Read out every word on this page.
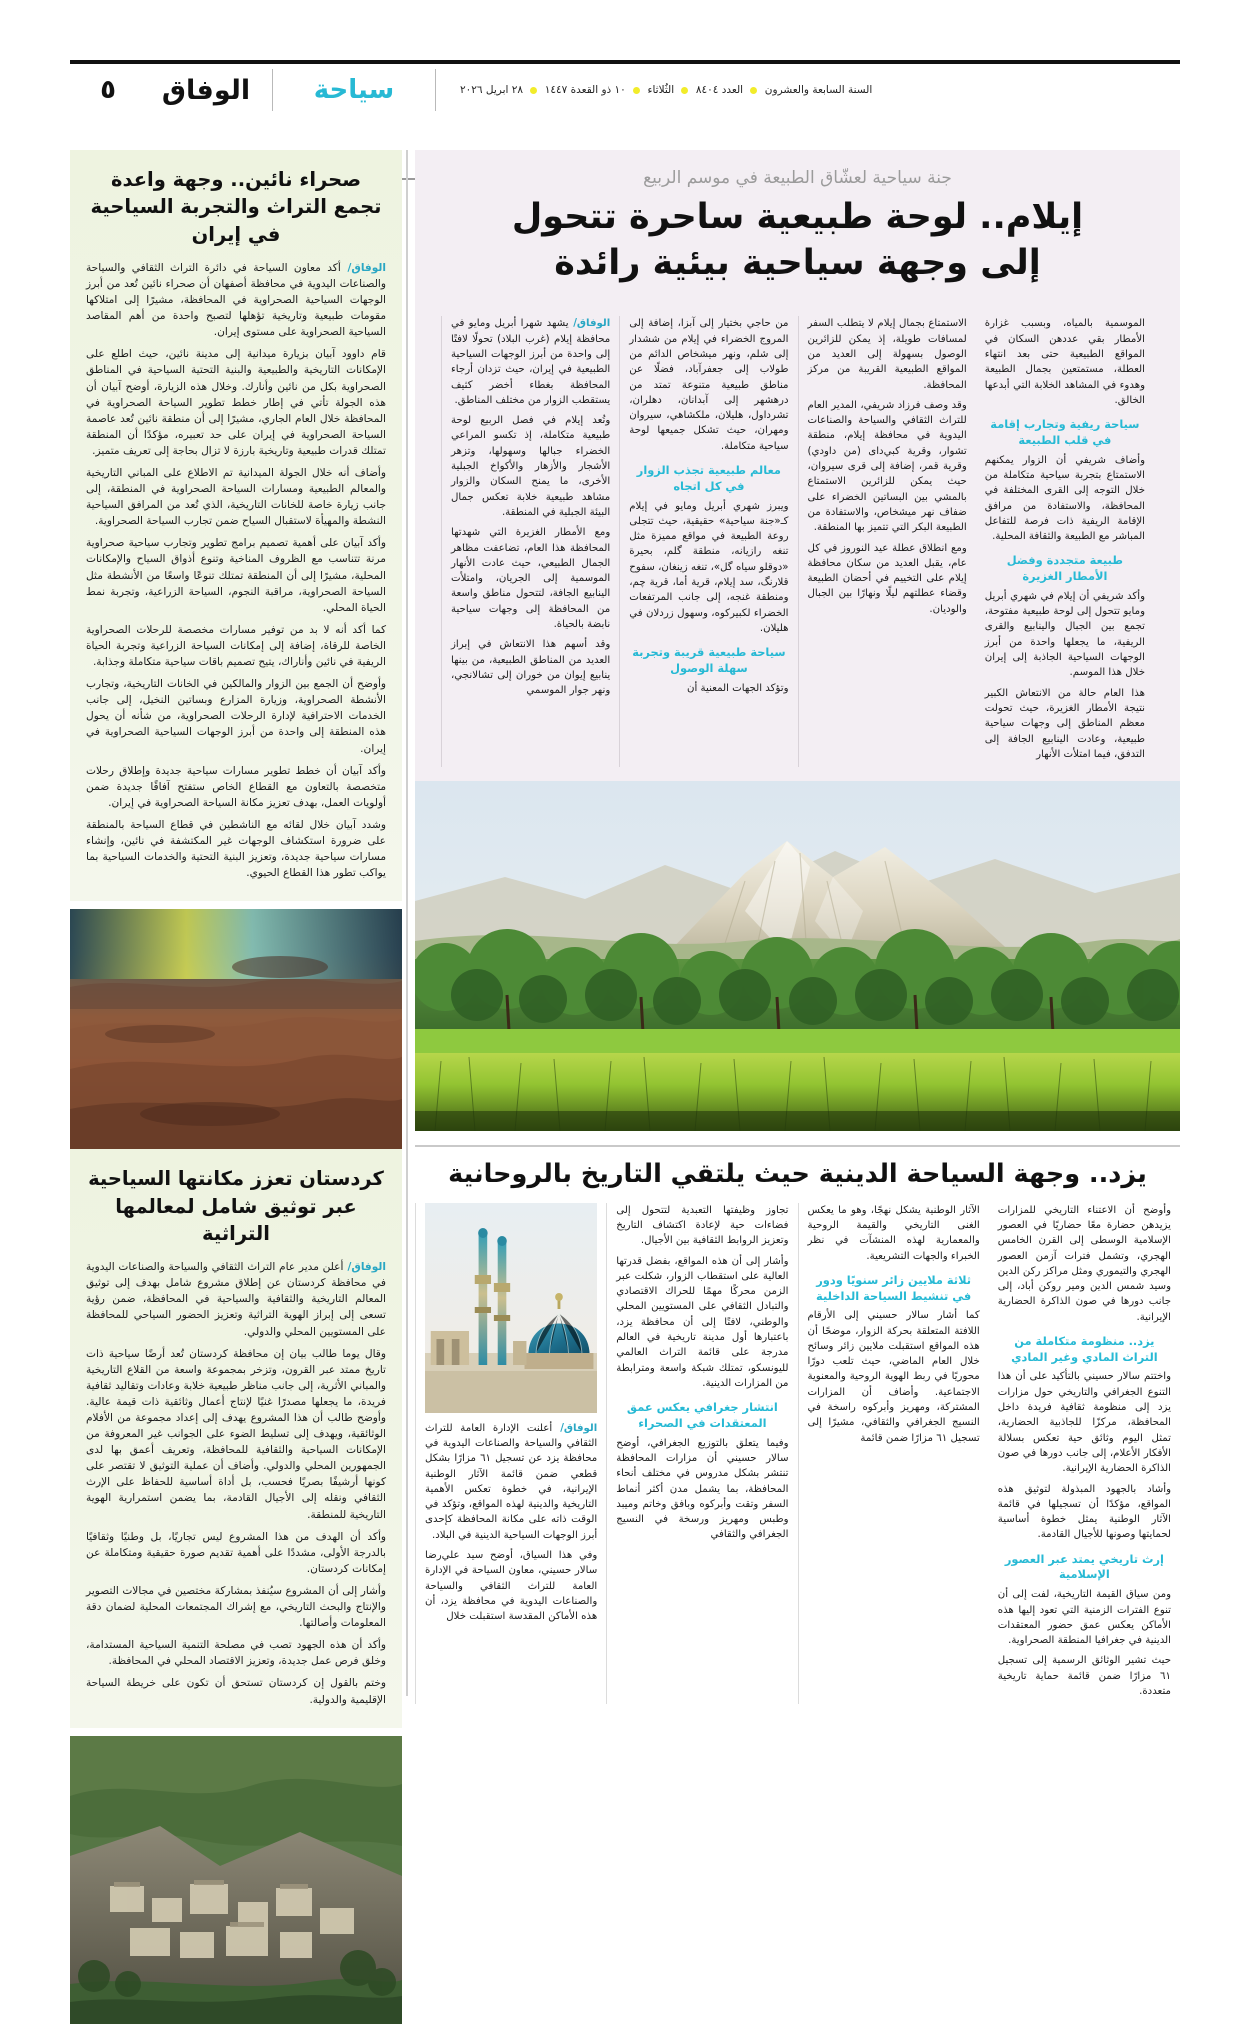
٥	الوفاق	سياحة	السنة السابعة والعشرون  العدد ٨٤٠٤  الثُلاثاء  ١٠ ذو القعدة ١٤٤٧  ٢٨ ابريل ٢٠٢٦
صحراء نائين.. وجهة واعدة تجمع التراث والتجربة السياحية في إيران

الوفاق/ أكد معاون السياحة في دائرة التراث الثقافي والسياحة والصناعات اليدوية في محافظة أصفهان أن صحراء نائين تُعد من أبرز الوجهات السياحية الصحراوية في المحافظة، مشيرًا إلى امتلاكها مقومات طبيعية وتاريخية تؤهلها لتصبح واحدة من أهم المقاصد السياحية الصحراوية على مستوى إيران.

قام داوود آبيان بزيارة ميدانية إلى مدينة نائين، حيث اطلع على الإمكانات التاريخية والطبيعية والبنية التحتية السياحية في المناطق الصحراوية بكل من نائين وأنارك. وخلال هذه الزيارة، أوضح آبيان أن هذه الجولة تأتي في إطار خطط تطوير السياحة الصحراوية في المحافظة خلال العام الجاري، مشيرًا إلى أن منطقة نائين تُعد عاصمة السياحة الصحراوية في إيران على حد تعبيره، مؤكدًا أن المنطقة تمتلك قدرات طبيعية وتاريخية بارزة لا تزال بحاجة إلى تعريف متميز.

وأضاف أنه خلال الجولة الميدانية تم الاطلاع على المباني التاريخية والمعالم الطبيعية ومسارات السياحة الصحراوية في المنطقة، إلى جانب زيارة خاصة للخانات التاريخية، الذي تُعد من المرافق السياحية النشطة والمهيأة لاستقبال السياح ضمن تجارب السياحة الصحراوية.

وأكد آبيان على أهمية تصميم برامج تطوير وتجارب سياحية صحراوية مرنة تتناسب مع الظروف المناخية وتنوع أذواق السياح والإمكانات المحلية، مشيرًا إلى أن المنطقة تمتلك تنوعًا واسعًا من الأنشطة مثل السياحة الصحراوية، مراقبة النجوم، السياحة الزراعية، وتجربة نمط الحياة المحلي.

كما أكد أنه لا بد من توفير مسارات مخصصة للرحلات الصحراوية الخاصة للرقاة، إضافة إلى إمكانات السياحة الزراعية وتجربة الحياة الريفية في نائين وأناراك، يتيح تصميم باقات سياحية متكاملة وجذابة.

وأوضح أن الجمع بين الزوار والمالكين في الخانات التاريخية، وتجارب الأنشطة الصحراوية، وزيارة المزارع وبساتين النخيل، إلى جانب الخدمات الاحترافية لإدارة الرحلات الصحراوية، من شأنه أن يحول هذه المنطقة إلى واحدة من أبرز الوجهات السياحية الصحراوية في إيران.

وأكد آبيان أن خطط تطوير مسارات سياحية جديدة وإطلاق رحلات متخصصة بالتعاون مع القطاع الخاص ستفتح آفاقًا جديدة ضمن أولويات العمل، بهدف تعزيز مكانة السياحة الصحراوية في إيران.

وشدد آبيان خلال لقائه مع الناشطين في قطاع السياحة بالمنطقة على ضرورة استكشاف الوجهات غير المكتشفة في نائين، وإنشاء مسارات سياحية جديدة، وتعزيز البنية التحتية والخدمات السياحية بما يواكب تطور هذا القطاع الحيوي.

كردستان تعزز مكانتها السياحية عبر توثيق شامل لمعالمها التراثية

الوفاق/ أعلن مدير عام التراث الثقافي والسياحة والصناعات اليدوية في محافظة كردستان عن إطلاق مشروع شامل بهدف إلى توثيق المعالم التاريخية والثقافية والسياحية في المحافظة، ضمن رؤية تسعى إلى إبراز الهوية التراثية وتعزيز الحضور السياحي للمحافظة على المستويين المحلي والدولي.

وقال يوما طالب بيان إن محافظة كردستان تُعد أرضًا سياحية ذات تاريخ ممتد عبر القرون، وتزخر بمجموعة واسعة من القلاع التاريخية والمباني الأثرية، إلى جانب مناظر طبيعية خلابة وعادات وتقاليد ثقافية فريدة، ما يجعلها مصدرًا غنيًا لإنتاج أعمال وثائقية ذات قيمة عالية. وأوضح طالب أن هذا المشروع يهدف إلى إعداد مجموعة من الأفلام الوثائقية، ويهدف إلى تسليط الضوء على الجوانب غير المعروفة من الإمكانات السياحية والثقافية للمحافظة، وتعريف أعمق بها لدى الجمهورين المحلي والدولي. وأضاف أن عملية التوثيق لا تقتصر على كونها أرشيفًا بصريًا فحسب، بل أداة أساسية للحفاظ على الإرث الثقافي ونقله إلى الأجيال القادمة، بما يضمن استمرارية الهوية التاريخية للمنطقة.

وأكد أن الهدف من هذا المشروع ليس تجاريًا، بل وطنيًا وثقافيًا بالدرجة الأولى، مشددًا على أهمية تقديم صورة حقيقية ومتكاملة عن إمكانات كردستان.

وأشار إلى أن المشروع سيُنفذ بمشاركة مختصين في مجالات التصوير والإنتاج والبحث التاريخي، مع إشراك المجتمعات المحلية لضمان دقة المعلومات وأصالتها.

وأكد أن هذه الجهود تصب في مصلحة التنمية السياحية المستدامة، وخلق فرص عمل جديدة، وتعزيز الاقتصاد المحلي في المحافظة.

وختم بالقول إن كردستان تستحق أن تكون على خريطة السياحة الإقليمية والدولية.

جنة سياحية لعشّاق الطبيعة في موسم الربيع
إيلام.. لوحة طبيعية ساحرة تتحول
إلى وجهة سياحية بيئية رائدة

الوفاق/ يشهد شهرا أبريل ومايو في محافظة إيلام (غرب البلاد) تحولًا لافتًا إلى واحدة من أبرز الوجهات السياحية الطبيعية في إيران، حيث تزدان أرجاء المحافظة بغطاء أخضر كثيف يستقطب الزوار من مختلف المناطق.

وتُعد إيلام في فصل الربيع لوحة طبيعية متكاملة، إذ تكسو المراعي الخضراء جبالها وسهولها، وتزهر الأشجار والأزهار والأكواخ الجبلية الأخرى، ما يمنح السكان والزوار مشاهد طبيعية خلابة تعكس جمال البيئة الجبلية في المنطقة.

ومع الأمطار الغزيرة التي شهدتها المحافظة هذا العام، تضاعفت مظاهر الجمال الطبيعي، حيث عادت الأنهار الموسمية إلى الجريان، وامتلأت الينابيع الجافة، لتتحول مناطق واسعة من المحافظة إلى وجهات سياحية نابضة بالحياة.

وقد أسهم هذا الانتعاش في إبراز العديد من المناطق الطبيعية، من بينها ينابيع إيوان من خوران إلى تشالانجي، ونهر جوار الموسمي

من حاجي بختيار إلى آبزا، إضافة إلى المروج الخضراء في إيلام من ششدار إلى شلم، ونهر ميشخاص الدائم من طولاب إلى جعفرآباد، فضلًا عن مناطق طبيعية متنوعة تمتد من درهشهر إلى آبدانان، دهلران، تشرداول، هليلان، ملكشاهي، سيروان ومهران، حيث تشكل جميعها لوحة سياحية متكاملة.

معالم طبيعية تجذب الزوار في كل اتجاه

ويبرز شهري أبريل ومايو في إيلام كـ«جنة سياحية» حقيقية، حيث تتجلى روعة الطبيعة في مواقع مميزة مثل تنغه رازيانه، منطقة گلم، بحيرة «دوقلو سياه گل»، تنغه زينغان، سفوح قلارنگ، سد إيلام، قرية أما، قرية چم، ومنطقة غنجه، إلى جانب المرتفعات الخضراء لكبيركوه، وسهول زردلان في هليلان.

سياحة طبيعية قريبة وتجربة سهلة الوصول

وتؤكد الجهات المعنية أن

الاستمتاع بجمال إيلام لا يتطلب السفر لمسافات طويلة، إذ يمكن للزائرين الوصول بسهولة إلى العديد من المواقع الطبيعية القريبة من مركز المحافظة.

وقد وصف فرزاد شريفي، المدير العام للتراث الثقافي والسياحة والصناعات اليدوية في محافظة إيلام، منطقة تشوار، وقرية كبي‌دای (من داودي) وقرية قمر، إضافة إلى قرى سيروان، حيث يمكن للزائرين الاستمتاع بالمشي بين البساتين الخضراء على ضفاف نهر ميشخاص، والاستفادة من الطبيعة البكر التي تتميز بها المنطقة.

ومع انطلاق عطلة عيد النوروز في كل عام، يقبل العديد من سكان محافظة إيلام على التخييم في أحضان الطبيعة وقضاء عطلتهم ليلًا ونهارًا بين الجبال والوديان.

الموسمية بالمياه، وبسبب غزارة الأمطار بقي عددهن السكان في المواقع الطبيعية حتى بعد انتهاء العطلة، مستمتعين بجمال الطبيعة وهدوء في المشاهد الخلابة التي أبدعها الخالق.

سياحة ريفية وتجارب إقامة في قلب الطبيعة

وأضاف شريفي أن الزوار يمكنهم الاستمتاع بتجربة سياحية متكاملة من خلال التوجه إلى القرى المختلفة في المحافظة، والاستفادة من مرافق الإقامة الريفية ذات فرصة للتفاعل المباشر مع الطبيعة والثقافة المحلية.

طبيعة متجددة وفضل الأمطار الغزيرة

وأكد شريفي أن إيلام في شهري أبريل ومايو تتحول إلى لوحة طبيعية مفتوحة، تجمع بين الجبال والينابيع والقرى الريفية، ما يجعلها واحدة من أبرز الوجهات السياحية الجاذبة إلى إيران خلال هذا الموسم.

هذا العام حالة من الانتعاش الكبير نتيجة الأمطار الغزيرة، حيث تحولت معظم المناطق إلى وجهات سياحية طبيعية، وعادت الينابيع الجافة إلى التدفق، فيما امتلأت الأنهار

يزد.. وجهة السياحة الدينية حيث يلتقي التاريخ بالروحانية

الوفاق/ أعلنت الإدارة العامة للتراث الثقافي والسياحة والصناعات اليدوية في محافظة يزد عن تسجيل ٦١ مزارًا بشكل قطعي ضمن قائمة الآثار الوطنية الإيرانية، في خطوة تعكس الأهمية التاريخية والدينية لهذه المواقع، وتؤكد في الوقت ذاته على مكانة المحافظة كإحدى أبرز الوجهات السياحية الدينية في البلاد.

وفي هذا السياق، أوضح سيد علي‌رضا سالار حسيني، معاون السياحة في الإدارة العامة للتراث الثقافي والسياحة والصناعات اليدوية في محافظة يزد، أن هذه الأماكن المقدسة استقبلت خلال

تجاوز وظيفتها التعبدية لتتحول إلى فضاءات حية لإعادة اكتشاف التاريخ وتعزيز الروابط الثقافية بين الأجيال.

وأشار إلى أن هذه المواقع، بفضل قدرتها العالية على استقطاب الزوار، شكلت عبر الزمن محركًا مهمًا للحراك الاقتصادي والتبادل الثقافي على المستويين المحلي والوطني، لافتًا إلى أن محافظة يزد، باعتبارها أول مدينة تاريخية في العالم مدرجة على قائمة التراث العالمي لليونسكو، تمتلك شبكة واسعة ومترابطة من المزارات الدينية.

انتشار جغرافي يعكس عمق المعتقدات في الصحراء

وفيما يتعلق بالتوزيع الجغرافي، أوضح سالار حسيني أن مزارات المحافظة تنتشر بشكل مدروس في مختلف أنحاء المحافظة، بما يشمل مدن أكثر أنماط السفر وتقت وأبركوه وبافق وخاتم وميبد وطبس ومهريز ورسخة في النسيج الجغرافي والثقافي

الآثار الوطنية يشكل نهجًا، وهو ما يعكس الغنى التاريخي والقيمة الروحية والمعمارية لهذه المنشآت في نظر الخبراء والجهات التشريعية.

ثلاثة ملايين زائر سنويًا ودور في تنشيط السياحة الداخلية

كما أشار سالار حسيني إلى الأرقام اللافتة المتعلقة بحركة الزوار، موضحًا أن هذه المواقع استقبلت ملايين زائر وسائح خلال العام الماضي، حيث تلعب دورًا محوريًا في ربط الهوية الروحية والمعنوية الاجتماعية. وأضاف أن المزارات المشتركة، ومهريز وأبركوه راسخة في النسيج الجغرافي والثقافي، مشيرًا إلى تسجيل ٦١ مزارًا ضمن قائمة

وأوضح أن الاعتناء التاريخي للمزارات يزيدهن حضارة معًا حضاريًا في العصور الإسلامية الوسطى إلى القرن الخامس الهجري، وتشمل فترات آزمن العصور الهجري والتيموري ومثل مراكز ركن الدين وسيد شمس الدين ومير روكن أباد، إلى جانب دورها في صون الذاكرة الحضارية الإيرانية.

يزد.. منظومة متكاملة من التراث المادي وغير المادي

واختتم سالار حسيني بالتأكيد على أن هذا التنوع الجغرافي والتاريخي حول مزارات يزد إلى منظومة ثقافية فريدة داخل المحافظة، مركزًا للجاذبية الحضارية، تمثل اليوم وثائق حية تعكس بسلالة الأفكار الأعلام، إلى جانب دورها في صون الذاكرة الحضارية الإيرانية.

وأشاد بالجهود المبذولة لتوثيق هذه المواقع، مؤكدًا أن تسجيلها في قائمة الآثار الوطنية يمثل خطوة أساسية لحمايتها وصونها للأجيال القادمة.

إرث تاريخي يمتد عبر العصور الإسلامية

ومن سياق القيمة التاريخية، لفت إلى أن تنوع الفترات الزمنية التي تعود إليها هذه الأماكن يعكس عمق حضور المعتقدات الدينية في جغرافيا المنطقة الصحراوية.

حيث تشير الوثائق الرسمية إلى تسجيل ٦١ مزارًا ضمن قائمة حماية تاريخية متعددة.
